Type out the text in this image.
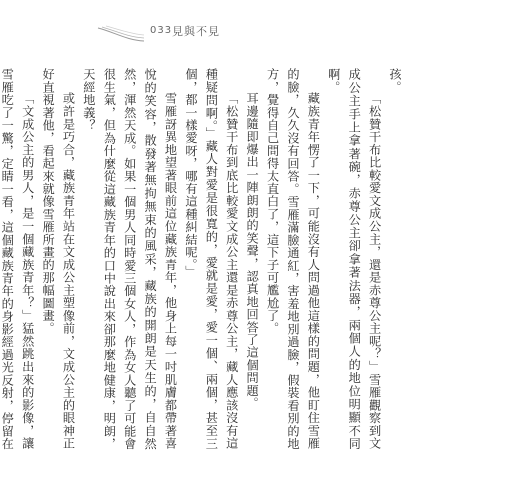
033 見與不見

孩。

「松贊干布比較愛文成公主，還是赤尊公主呢？」雪雁觀察到文成公主手上拿著碗，赤尊公主卻拿著法器，兩個人的地位明顯不同啊。

藏族青年愣了一下，可能沒有人問過他這樣的問題，他盯住雪雁的臉，久久沒有回答。雪雁滿臉通紅，害羞地別過臉，假裝看別的地方，覺得自己問得太直白了，這下子可尷尬了。

耳邊隨即爆出一陣朗朗的笑聲，認真地回答了這個問題。

「松贊干布到底比較愛文成公主還是赤尊公主，藏人應該沒有這種疑問啊。」藏人對愛是很寬的，愛就是愛，愛一個、兩個，甚至三個，都一樣愛呀，哪有這種糾結呢。」

雪雁訝異地望著眼前這位藏族青年，他身上每一吋肌膚都帶著喜悅的笑容，散發著無拘無束的風采，藏族的開朗是天生的，自自然然，渾然天成。如果一個男人同時愛三個女人，作為女人聽了可能會很生氣，但為什麼從這藏族青年的口中說出來卻那麼地健康，明朗，天經地義？

或許是巧合，藏族青年站在文成公主塑像前，文成公主的眼神正好直視著他，看起來就像雪雁所畫的那幅圖畫。

「文成公主的男人，是一個藏族青年？」猛然跳出來的影像，讓雪雁吃了一驚，定睛一看，這個藏族青年的身影經過光反射，停留在
